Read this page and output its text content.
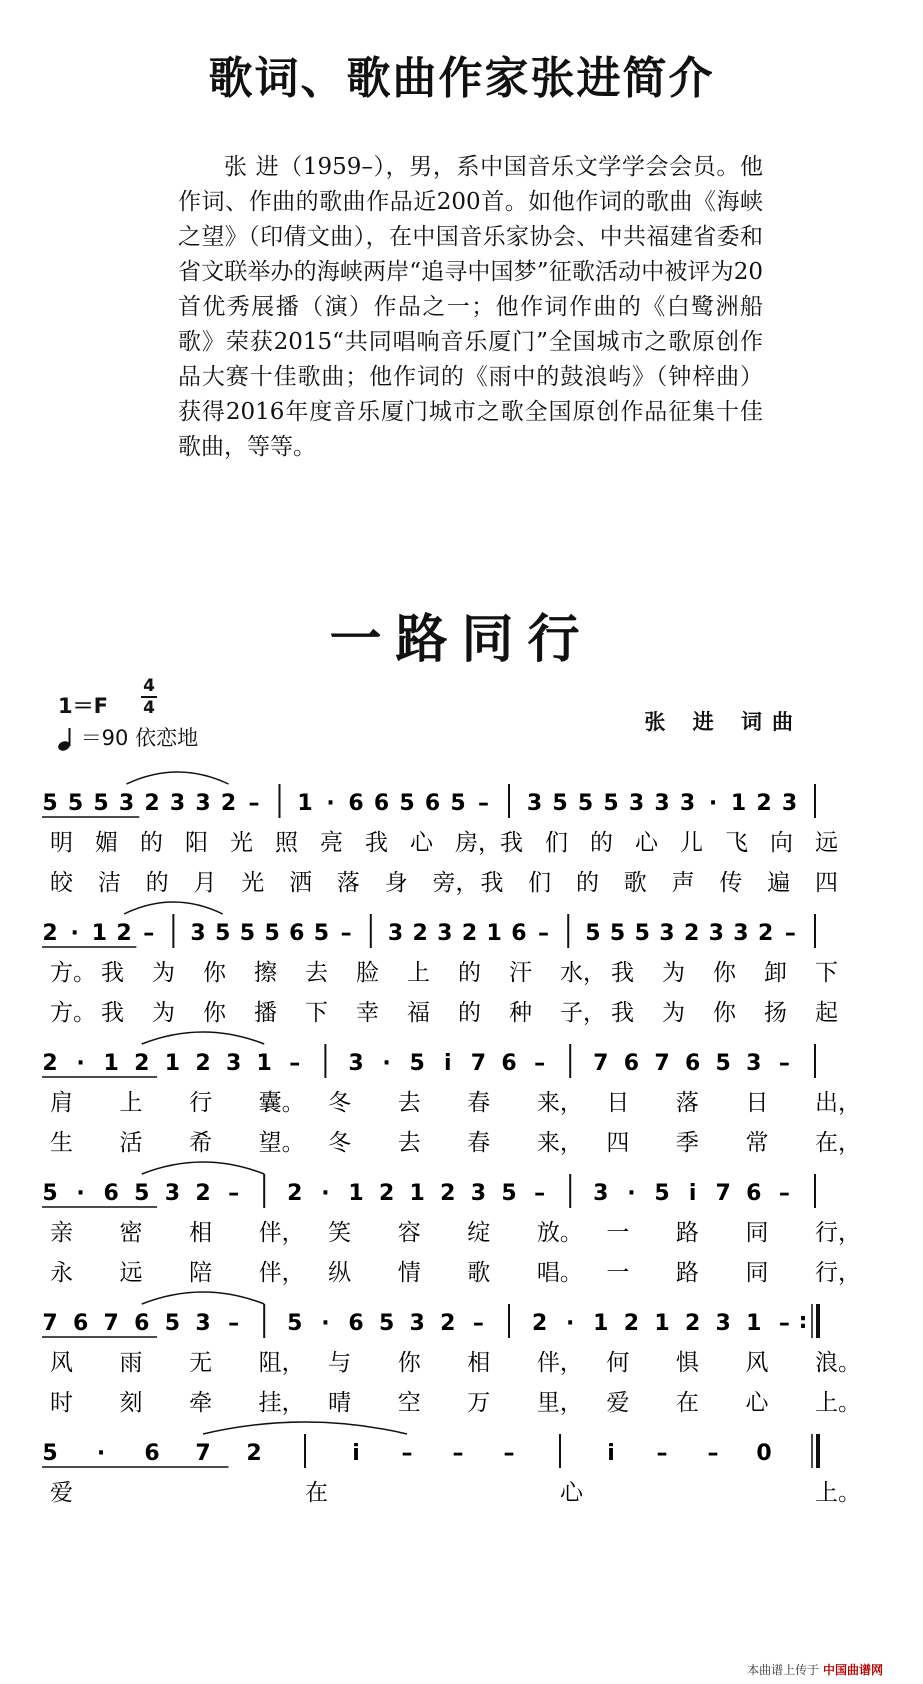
歌词、歌曲作家张进简介

张 进（1959–），男，系中国音乐文学学会会员。他作词、作曲的歌曲作品近200首。如他作词的歌曲《海峡之望》（印倩文曲），在中国音乐家协会、中共福建省委和省文联举办的海峡两岸“追寻中国梦”征歌活动中被评为20首优秀展播（演）作品之一；他作词作曲的《白鹭洲船歌》荣获2015“共同唱响音乐厦门”全国城市之歌原创作品大赛十佳歌曲；他作词的《雨中的鼓浪屿》（钟梓曲）获得2016年度音乐厦门城市之歌全国原创作品征集十佳歌曲，等等。

一路同行
1＝F
4
4
＝90 依恋地
张 进 词曲
5 5 5 3 2 3 3 2 – 1 · 6 6 5 6 5 – 3 5 5 5 3 3 3 · 1 2 3
明 媚 的 阳 光 照 亮 我 心 房， 我 们 的 心 儿 飞 向 远
皎 洁 的 月 光 洒 落 身 旁， 我 们 的 歌 声 传 遍 四
2 · 1 2 – 3 5 5 5 6 5 – 3 2 3 2 1 6 – 5 5 5 3 2 3 3 2 –
方。 我 为 你 擦 去 脸 上 的 汗 水， 我 为 你 卸 下
方。 我 为 你 播 下 幸 福 的 种 子， 我 为 你 扬 起
2 · 1 2 1 2 3 1 – 3 · 5 i 7 6 – 7 6 7 6 5 3 –
肩 上 行 囊。 冬 去 春 来， 日 落 日 出，
生 活 希 望。 冬 去 春 来， 四 季 常 在，
5 · 6 5 3 2 – 2 · 1 2 1 2 3 5 – 3 · 5 i 7 6 –
亲 密 相 伴， 笑 容 绽 放。 一 路 同 行，
永 远 陪 伴， 纵 情 歌 唱。 一 路 同 行，
7 6 7 6 5 3 – 5 · 6 5 3 2 – 2 · 1 2 1 2 3 1 – :
风 雨 无 阻， 与 你 相 伴， 何 惧 风 浪。
时 刻 牵 挂， 晴 空 万 里， 爱 在 心 上。
5 · 6 7 2	i – – –	i – – 0
爱	在	心	上。
本曲谱上传于 中国曲谱网
